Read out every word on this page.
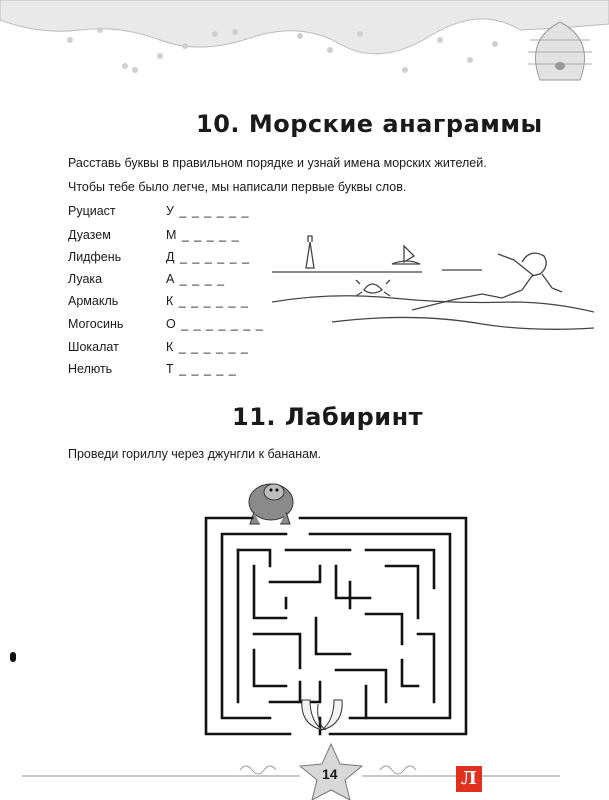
10. Морские анаграммы
Расставь буквы в правильном порядке и узнай имена морских жителей.
Чтобы тебе было легче, мы написали первые буквы слов.
Руциаст	У _ _ _ _ _ _
Дуазем	М _ _ _ _ _
Лидфень	Д _ _ _ _ _ _
Луака	А _ _ _ _
Армакль	К _ _ _ _ _ _
Могосинь	О _ _ _ _ _ _ _
Шокалат	К _ _ _ _ _ _
Нелють	Т _ _ _ _ _
11. Лабиринт
Проведи гориллу через джунгли к бананам.
14	Л
